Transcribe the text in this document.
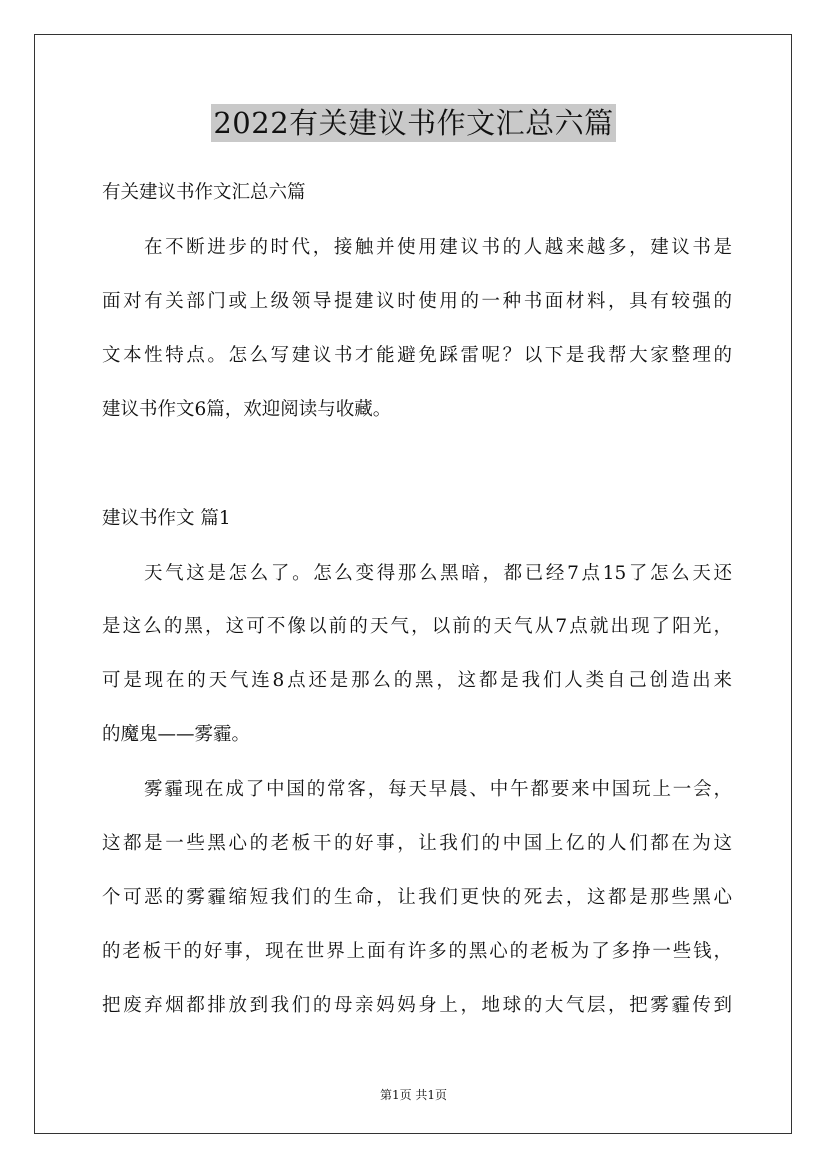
2022有关建议书作文汇总六篇
有关建议书作文汇总六篇
在不断进步的时代，接触并使用建议书的人越来越多，建议书是
面对有关部门或上级领导提建议时使用的一种书面材料，具有较强的
文本性特点。怎么写建议书才能避免踩雷呢？以下是我帮大家整理的
建议书作文6篇，欢迎阅读与收藏。
建议书作文 篇1
天气这是怎么了。怎么变得那么黑暗，都已经7点15了怎么天还
是这么的黑，这可不像以前的天气，以前的天气从7点就出现了阳光，
可是现在的天气连8点还是那么的黑，这都是我们人类自己创造出来
的魔鬼——雾霾。
雾霾现在成了中国的常客，每天早晨、中午都要来中国玩上一会，
这都是一些黑心的老板干的好事，让我们的中国上亿的人们都在为这
个可恶的雾霾缩短我们的生命，让我们更快的死去，这都是那些黑心
的老板干的好事，现在世界上面有许多的黑心的老板为了多挣一些钱，
把废弃烟都排放到我们的母亲妈妈身上，地球的大气层，把雾霾传到
第1页 共1页
